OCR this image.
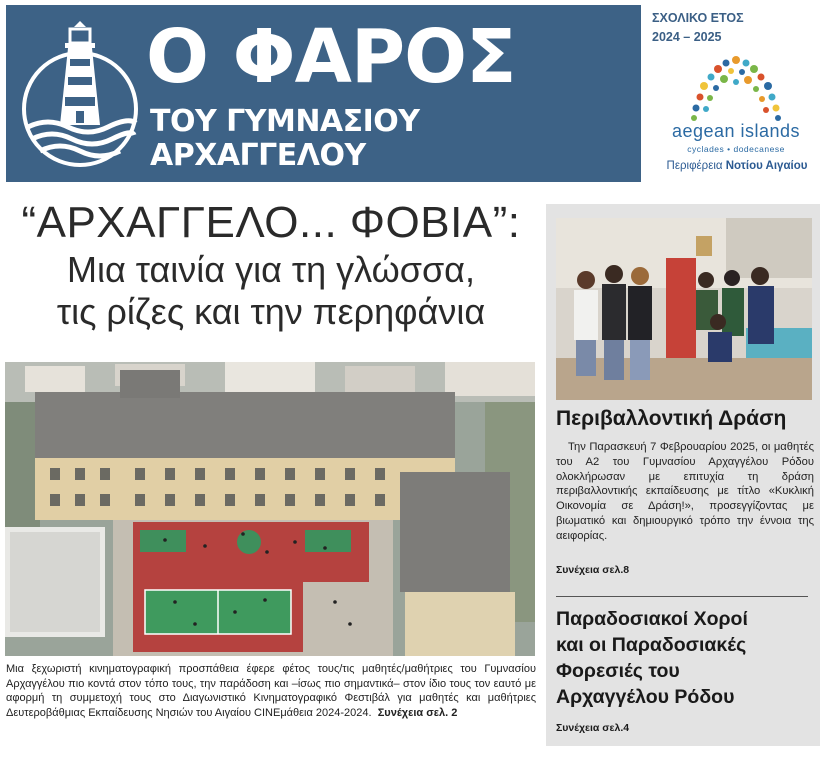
Ο ΦΑΡΟΣ
ΤΟΥ ΓΥΜΝΑΣΙΟΥ
ΑΡΧΑΓΓΕΛΟΥ
ΣΧΟΛΙΚΟ ΕΤΟΣ
2024 – 2025
aegean islands
cyclades • dodecanese
Περιφέρεια Νοτίου Αιγαίου
“ΑΡΧΑΓΓΕΛΟ... ΦΟΒΙΑ”:
Μια ταινία για τη γλώσσα,
τις ρίζες και την περηφάνια
Μια ξεχωριστή κινηματογραφική προσπάθεια έφερε φέτος τους/τις μαθητές/μαθήτριες του Γυμνασίου Αρχαγγέλου πιο κοντά στον τόπο τους, την παράδοση και –ίσως πιο σημαντικά– στον ίδιο τους τον εαυτό με αφορμή τη συμμετοχή τους στο Διαγωνιστικό Κινηματογραφικό Φεστιβάλ για μαθητές και μαθήτριες Δευτεροβάθμιας Εκπαίδευσης Νησιών του Αιγαίου CINEμάθεια 2024-2024. Συνέχεια σελ. 2
Περιβαλλοντική Δράση
Την Παρασκευή 7 Φεβρουαρίου 2025, οι μαθητές του Α2 του Γυμνασίου Αρχαγγέλου Ρόδου ολοκλήρωσαν με επιτυχία τη δράση περιβαλλοντικής εκπαίδευσης με τίτλο «Κυκλική Οικονομία σε Δράση!», προσεγγίζοντας με βιωματικό και δημιουργικό τρόπο την έννοια της αειφορίας.
Συνέχεια σελ.8
Παραδοσιακοί Χοροί
και οι Παραδοσιακές
Φορεσιές του
Αρχαγγέλου Ρόδου
Συνέχεια σελ.4
